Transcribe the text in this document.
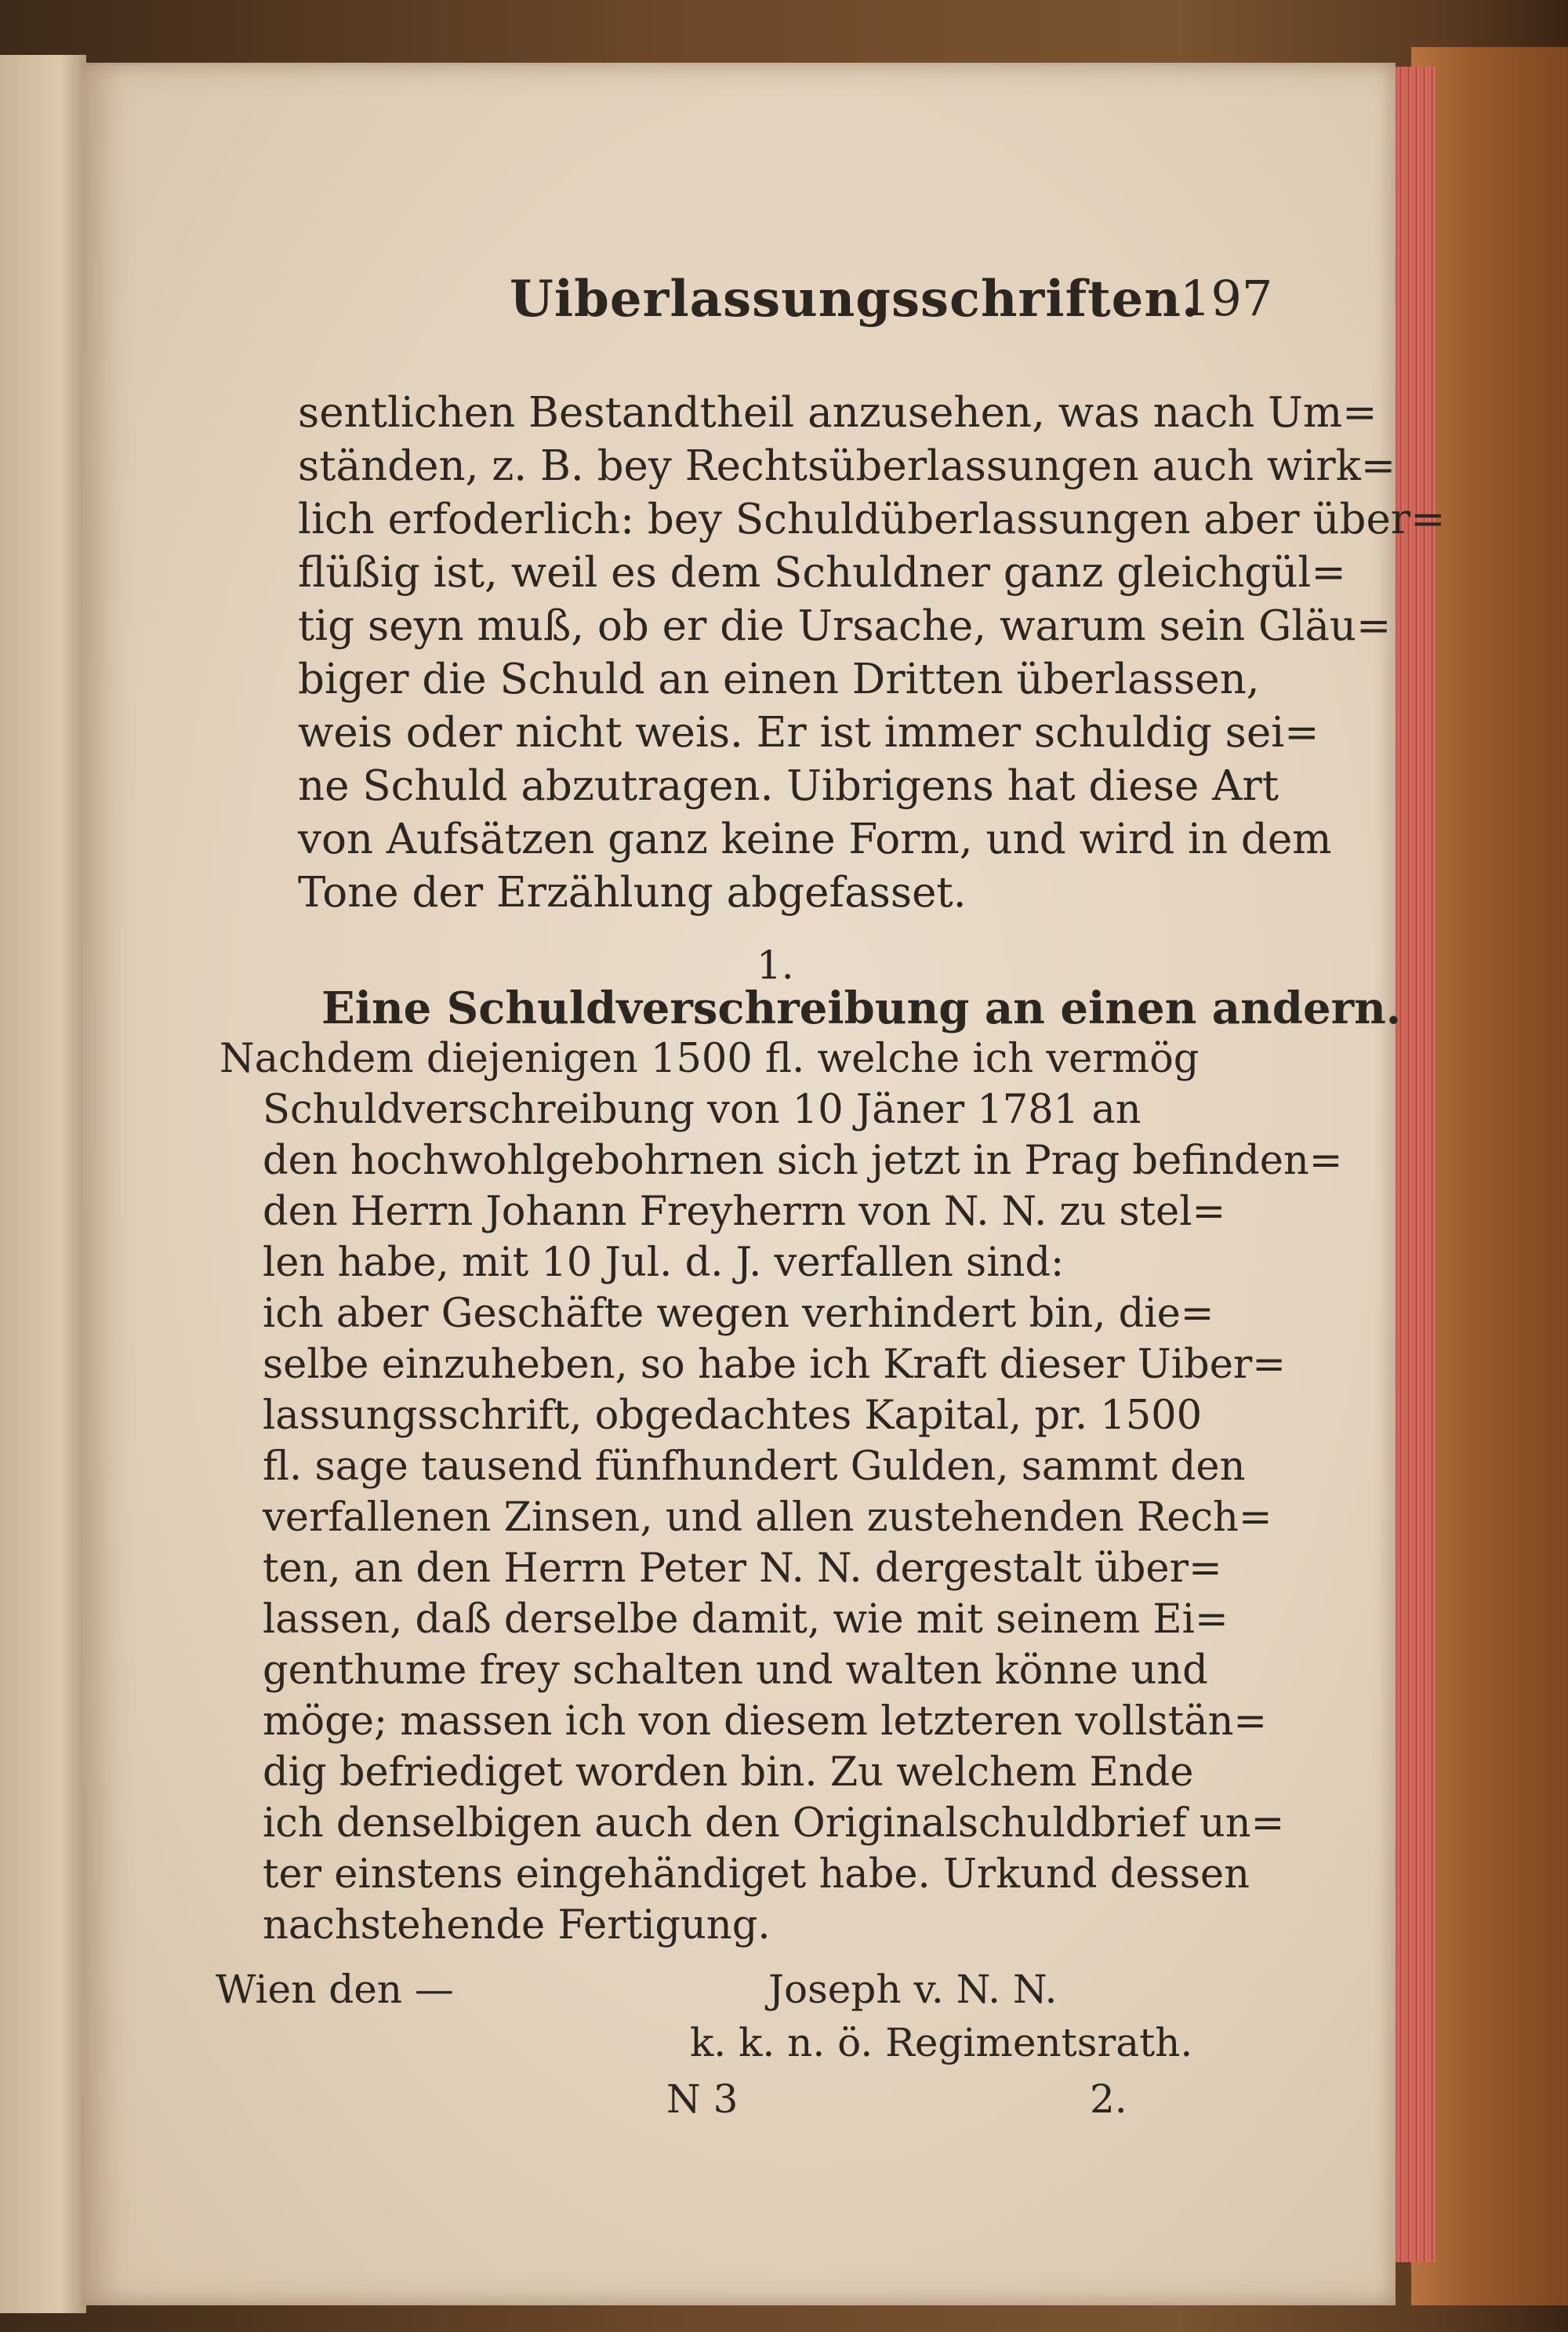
Uiberlassungsschriften.
197
sentlichen Bestandtheil anzusehen, was nach Um=
ständen, z. B. bey Rechtsüberlassungen auch wirk=
lich erfoderlich: bey Schuldüberlassungen aber über=
flüßig ist, weil es dem Schuldner ganz gleichgül=
tig seyn muß, ob er die Ursache, warum sein Gläu=
biger die Schuld an einen Dritten überlassen,
weis oder nicht weis. Er ist immer schuldig sei=
ne Schuld abzutragen. Uibrigens hat diese Art
von Aufsätzen ganz keine Form, und wird in dem
Tone der Erzählung abgefasset.
1.
Eine Schuldverschreibung an einen andern.
Nachdem diejenigen 1500 fl. welche ich vermög
Schuldverschreibung von 10 Jäner 1781 an
den hochwohlgebohrnen sich jetzt in Prag befinden=
den Herrn Johann Freyherrn von N. N. zu stel=
len habe, mit 10 Jul. d. J. verfallen sind:
ich aber Geschäfte wegen verhindert bin, die=
selbe einzuheben, so habe ich Kraft dieser Uiber=
lassungsschrift, obgedachtes Kapital, pr. 1500
fl. sage tausend fünfhundert Gulden, sammt den
verfallenen Zinsen, und allen zustehenden Rech=
ten, an den Herrn Peter N. N. dergestalt über=
lassen, daß derselbe damit, wie mit seinem Ei=
genthume frey schalten und walten könne und
möge; massen ich von diesem letzteren vollstän=
dig befriediget worden bin. Zu welchem Ende
ich denselbigen auch den Originalschuldbrief un=
ter einstens eingehändiget habe. Urkund dessen
nachstehende Fertigung.
Wien den —	Joseph v. N. N.
k. k. n. ö. Regimentsrath.
N 3	2.
